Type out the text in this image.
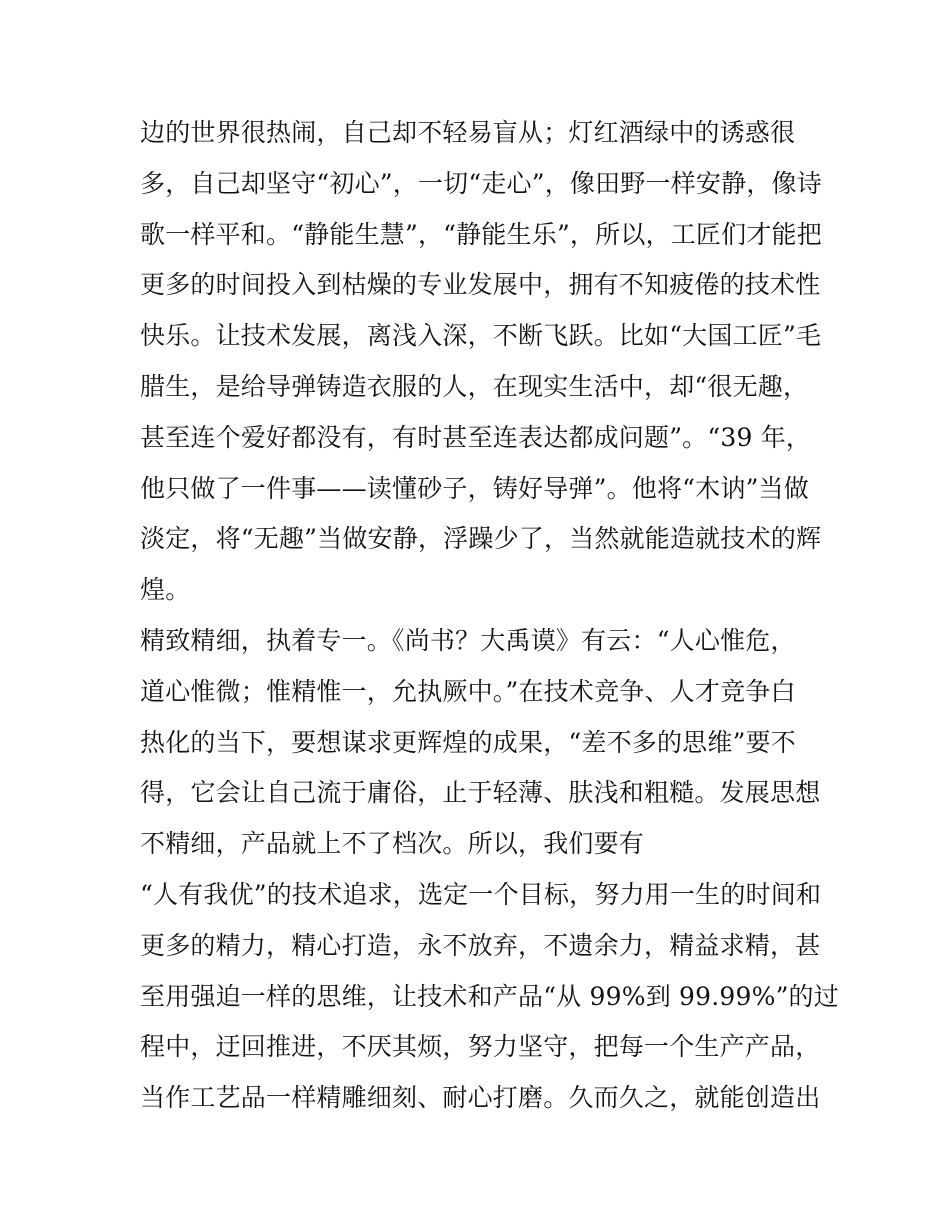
边的世界很热闹，自己却不轻易盲从；灯红酒绿中的诱惑很
多，自己却坚守“初心”，一切“走心”，像田野一样安静，像诗
歌一样平和。“静能生慧”，“静能生乐”，所以，工匠们才能把
更多的时间投入到枯燥的专业发展中，拥有不知疲倦的技术性
快乐。让技术发展，离浅入深，不断飞跃。比如“大国工匠”毛
腊生，是给导弹铸造衣服的人，在现实生活中，却“很无趣，
甚至连个爱好都没有，有时甚至连表达都成问题”。“39 年，
他只做了一件事——读懂砂子，铸好导弹”。他将“木讷”当做
淡定，将“无趣”当做安静，浮躁少了，当然就能造就技术的辉
煌。
精致精细，执着专一。《尚书？大禹谟》有云：“人心惟危，
道心惟微；惟精惟一，允执厥中。”在技术竞争、人才竞争白
热化的当下，要想谋求更辉煌的成果，“差不多的思维”要不
得，它会让自己流于庸俗，止于轻薄、肤浅和粗糙。发展思想
不精细，产品就上不了档次。所以，我们要有
“人有我优”的技术追求，选定一个目标，努力用一生的时间和
更多的精力，精心打造，永不放弃，不遗余力，精益求精，甚
至用强迫一样的思维，让技术和产品“从 99%到 99.99%”的过
程中，迂回推进，不厌其烦，努力坚守，把每一个生产产品，
当作工艺品一样精雕细刻、耐心打磨。久而久之，就能创造出
